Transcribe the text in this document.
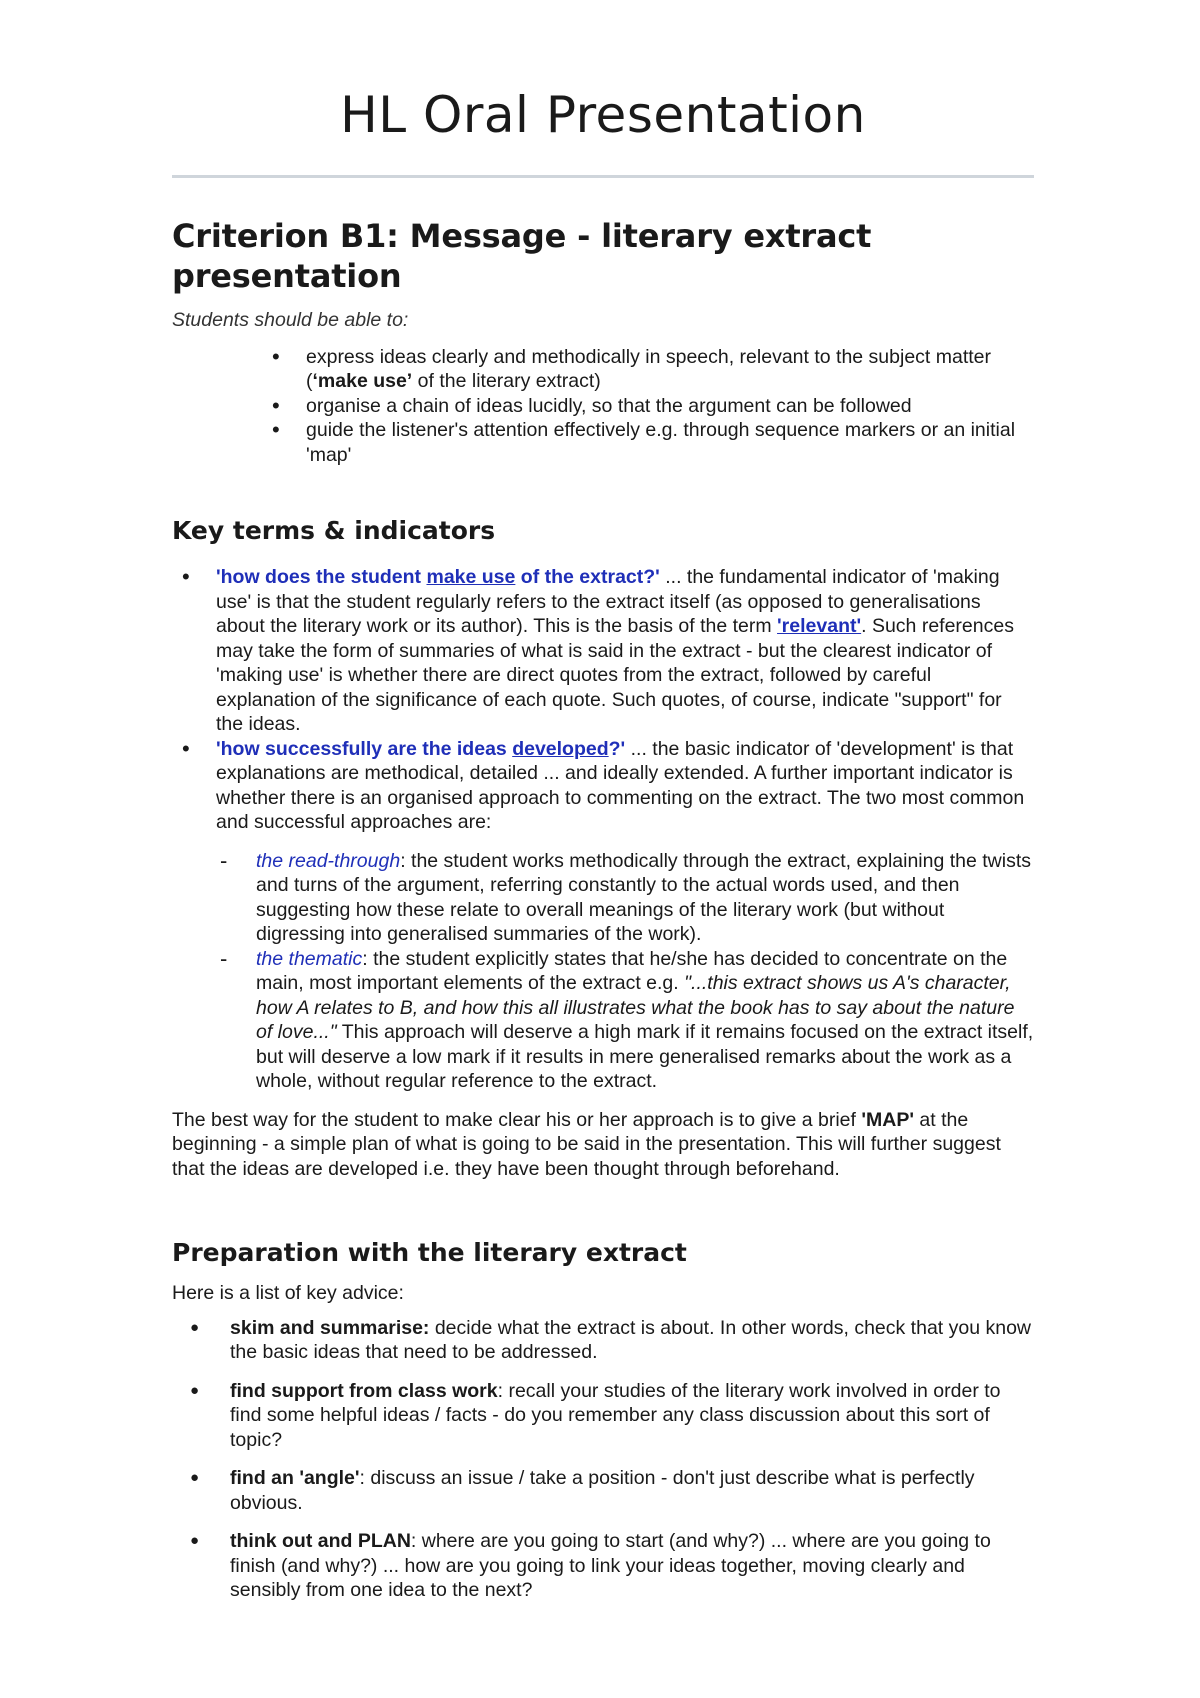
HL Oral Presentation
Criterion B1: Message - literary extract presentation
Students should be able to:
• express ideas clearly and methodically in speech, relevant to the subject matter (‘make use’ of the literary extract)
• organise a chain of ideas lucidly, so that the argument can be followed
• guide the listener's attention effectively e.g. through sequence markers or an initial 'map'
Key terms & indicators
• 'how does the student make use of the extract?' ... the fundamental indicator of 'making use' is that the student regularly refers to the extract itself (as opposed to generalisations about the literary work or its author). This is the basis of the term 'relevant'. Such references may take the form of summaries of what is said in the extract - but the clearest indicator of 'making use' is whether there are direct quotes from the extract, followed by careful explanation of the significance of each quote. Such quotes, of course, indicate "support" for the ideas.
• 'how successfully are the ideas developed?' ... the basic indicator of 'development' is that explanations are methodical, detailed ... and ideally extended. A further important indicator is whether there is an organised approach to commenting on the extract. The two most common and successful approaches are:
- the read-through: the student works methodically through the extract, explaining the twists and turns of the argument, referring constantly to the actual words used, and then suggesting how these relate to overall meanings of the literary work (but without digressing into generalised summaries of the work).
- the thematic: the student explicitly states that he/she has decided to concentrate on the main, most important elements of the extract e.g. "...this extract shows us A's character, how A relates to B, and how this all illustrates what the book has to say about the nature of love..." This approach will deserve a high mark if it remains focused on the extract itself, but will deserve a low mark if it results in mere generalised remarks about the work as a whole, without regular reference to the extract.
The best way for the student to make clear his or her approach is to give a brief 'MAP' at the beginning - a simple plan of what is going to be said in the presentation. This will further suggest that the ideas are developed i.e. they have been thought through beforehand.
Preparation with the literary extract
Here is a list of key advice:
● skim and summarise: decide what the extract is about. In other words, check that you know the basic ideas that need to be addressed.
● find support from class work: recall your studies of the literary work involved in order to find some helpful ideas / facts - do you remember any class discussion about this sort of topic?
● find an 'angle': discuss an issue / take a position - don't just describe what is perfectly obvious.
● think out and PLAN: where are you going to start (and why?) ... where are you going to finish (and why?) ... how are you going to link your ideas together, moving clearly and sensibly from one idea to the next?
